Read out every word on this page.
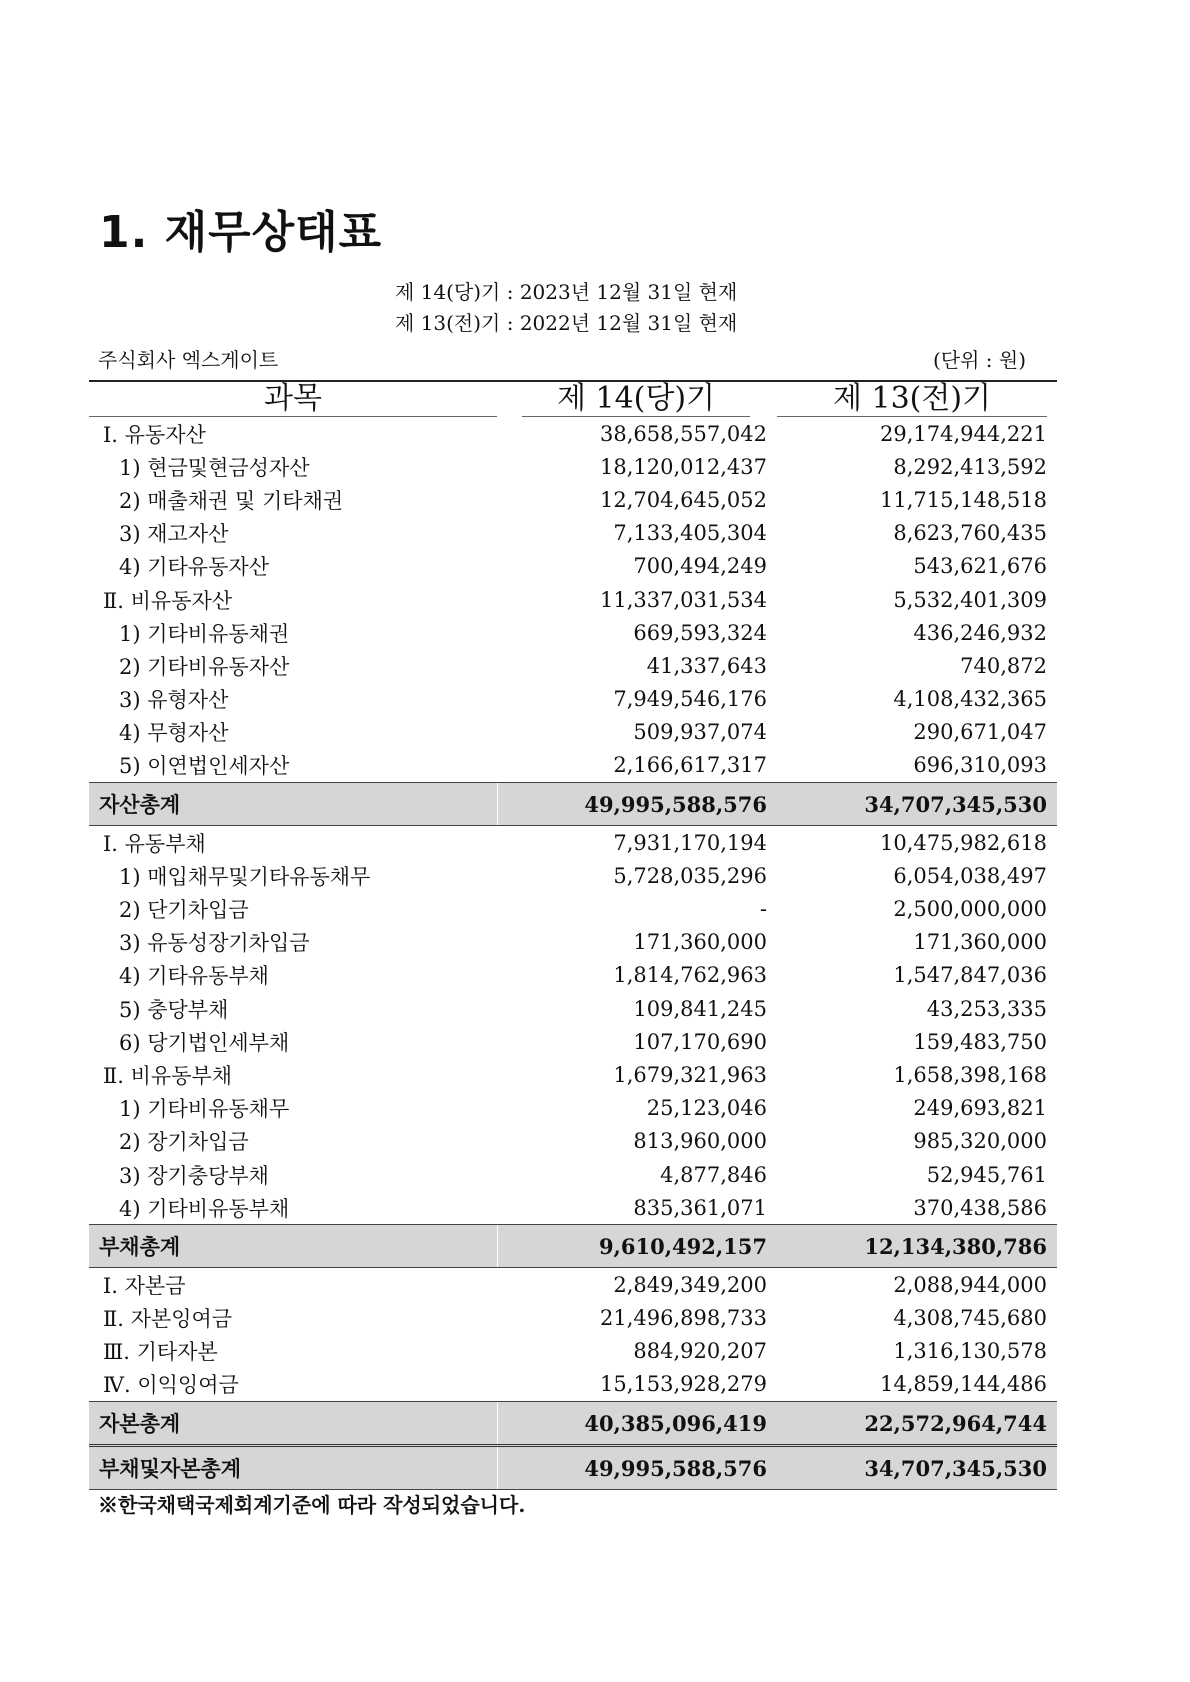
1. 재무상태표
제 14(당)기 : 2023년 12월 31일 현재
제 13(전)기 : 2022년 12월 31일 현재
주식회사 엑스게이트	(단위 : 원)
과목	제 14(당)기	제 13(전)기

Ⅰ. 유동자산	38,658,557,042	29,174,944,221
1) 현금및현금성자산	18,120,012,437	8,292,413,592
2) 매출채권 및 기타채권	12,704,645,052	11,715,148,518
3) 재고자산	7,133,405,304	8,623,760,435
4) 기타유동자산	700,494,249	543,621,676
Ⅱ. 비유동자산	11,337,031,534	5,532,401,309
1) 기타비유동채권	669,593,324	436,246,932
2) 기타비유동자산	41,337,643	740,872
3) 유형자산	7,949,546,176	4,108,432,365
4) 무형자산	509,937,074	290,671,047
5) 이연법인세자산	2,166,617,317	696,310,093
자산총계	49,995,588,576	34,707,345,530
Ⅰ. 유동부채	7,931,170,194	10,475,982,618
1) 매입채무및기타유동채무	5,728,035,296	6,054,038,497
2) 단기차입금	-	2,500,000,000
3) 유동성장기차입금	171,360,000	171,360,000
4) 기타유동부채	1,814,762,963	1,547,847,036
5) 충당부채	109,841,245	43,253,335
6) 당기법인세부채	107,170,690	159,483,750
Ⅱ. 비유동부채	1,679,321,963	1,658,398,168
1) 기타비유동채무	25,123,046	249,693,821
2) 장기차입금	813,960,000	985,320,000
3) 장기충당부채	4,877,846	52,945,761
4) 기타비유동부채	835,361,071	370,438,586
부채총계	9,610,492,157	12,134,380,786
Ⅰ. 자본금	2,849,349,200	2,088,944,000
Ⅱ. 자본잉여금	21,496,898,733	4,308,745,680
Ⅲ. 기타자본	884,920,207	1,316,130,578
Ⅳ. 이익잉여금	15,153,928,279	14,859,144,486
자본총계	40,385,096,419	22,572,964,744
부채및자본총계	49,995,588,576	34,707,345,530
※한국채택국제회계기준에 따라 작성되었습니다.
